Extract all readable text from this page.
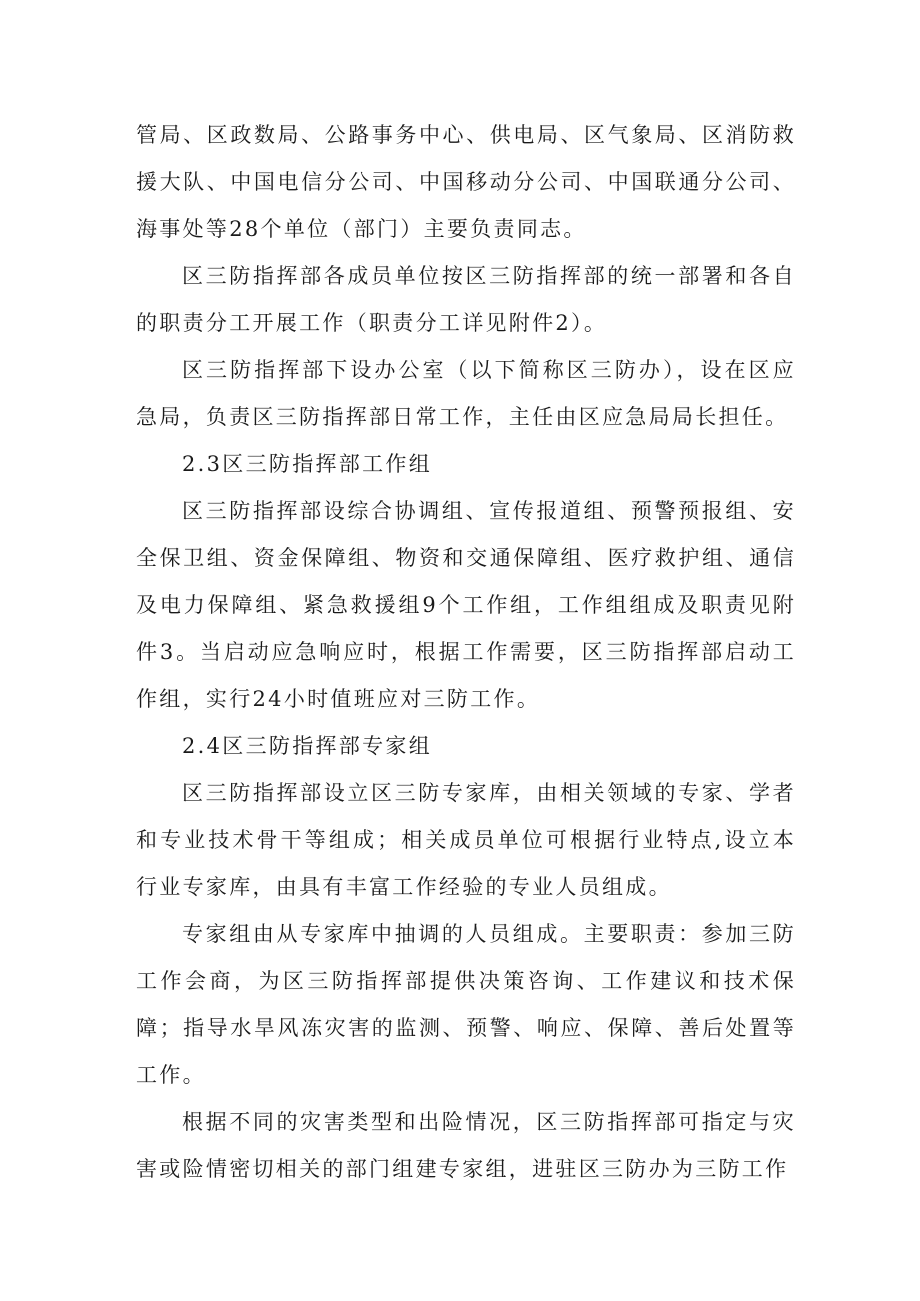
管局、区政数局、公路事务中心、供电局、区气象局、区消防救援大队、中国电信分公司、中国移动分公司、中国联通分公司、海事处等28个单位（部门）主要负责同志。

区三防指挥部各成员单位按区三防指挥部的统一部署和各自的职责分工开展工作（职责分工详见附件2）。

区三防指挥部下设办公室（以下简称区三防办），设在区应急局，负责区三防指挥部日常工作，主任由区应急局局长担任。

2.3区三防指挥部工作组

区三防指挥部设综合协调组、宣传报道组、预警预报组、安全保卫组、资金保障组、物资和交通保障组、医疗救护组、通信及电力保障组、紧急救援组9个工作组，工作组组成及职责见附件3。当启动应急响应时，根据工作需要，区三防指挥部启动工作组，实行24小时值班应对三防工作。

2.4区三防指挥部专家组

区三防指挥部设立区三防专家库，由相关领域的专家、学者和专业技术骨干等组成；相关成员单位可根据行业特点,设立本行业专家库，由具有丰富工作经验的专业人员组成。

专家组由从专家库中抽调的人员组成。主要职责：参加三防工作会商，为区三防指挥部提供决策咨询、工作建议和技术保障；指导水旱风冻灾害的监测、预警、响应、保障、善后处置等工作。

根据不同的灾害类型和出险情况，区三防指挥部可指定与灾害或险情密切相关的部门组建专家组，进驻区三防办为三防工作
